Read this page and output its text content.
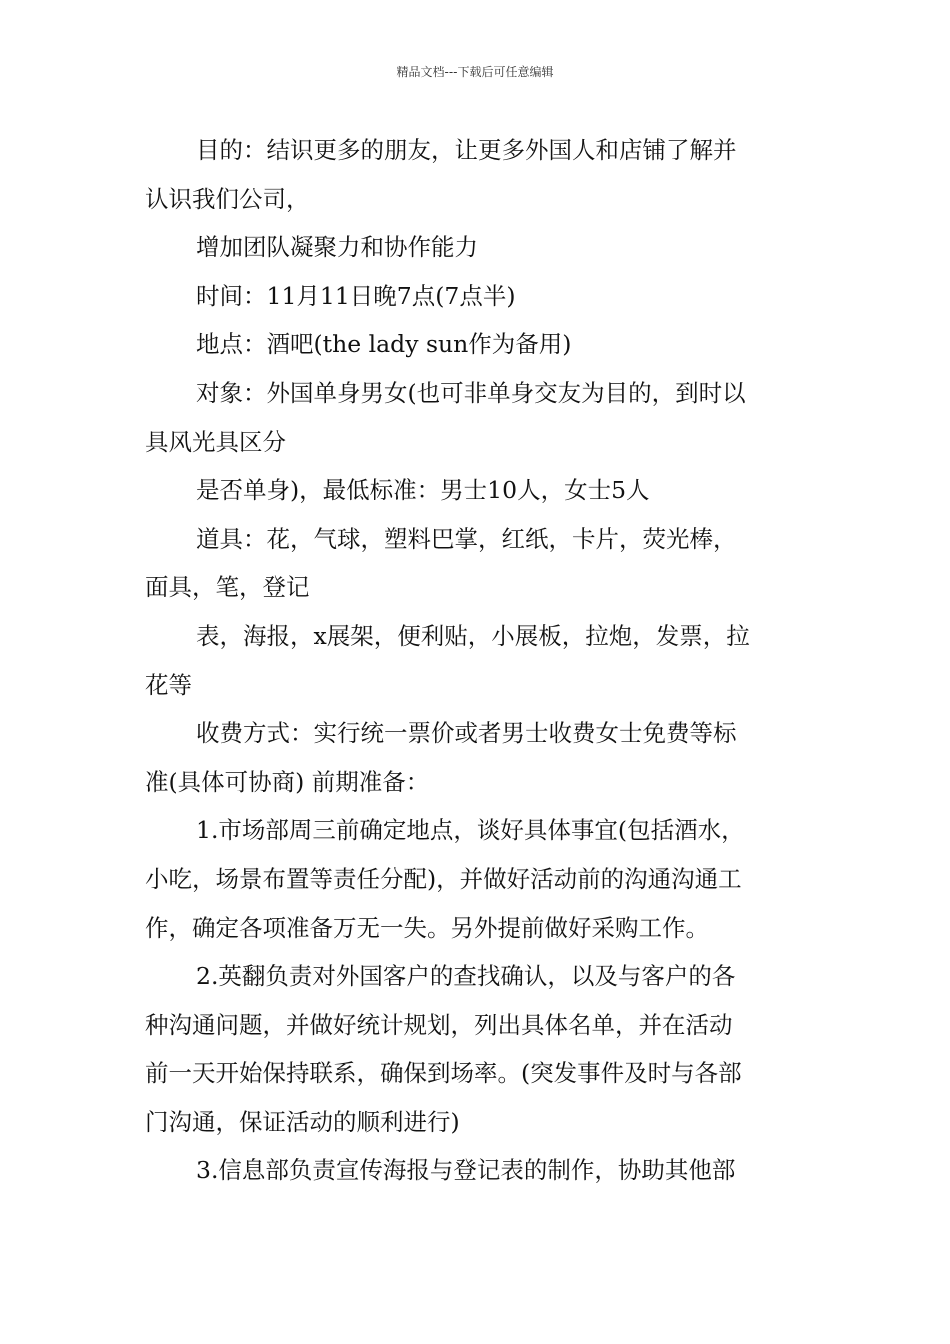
精品文档---下载后可任意编辑
目的：结识更多的朋友，让更多外国人和店铺了解并
认识我们公司，
增加团队凝聚力和协作能力
时间：11月11日晚7点(7点半)
地点：酒吧(the lady sun作为备用)
对象：外国单身男女(也可非单身交友为目的，到时以
具风光具区分
是否单身)，最低标准：男士10人，女士5人
道具：花，气球，塑料巴掌，红纸，卡片，荧光棒，
面具，笔，登记
表，海报，x展架，便利贴，小展板，拉炮，发票，拉
花等
收费方式：实行统一票价或者男士收费女士免费等标
准(具体可协商) 前期准备：
1.市场部周三前确定地点，谈好具体事宜(包括酒水，
小吃，场景布置等责任分配)，并做好活动前的沟通沟通工
作，确定各项准备万无一失。另外提前做好采购工作。
2.英翻负责对外国客户的查找确认，以及与客户的各
种沟通问题，并做好统计规划，列出具体名单，并在活动
前一天开始保持联系，确保到场率。(突发事件及时与各部
门沟通，保证活动的顺利进行)
3.信息部负责宣传海报与登记表的制作，协助其他部
